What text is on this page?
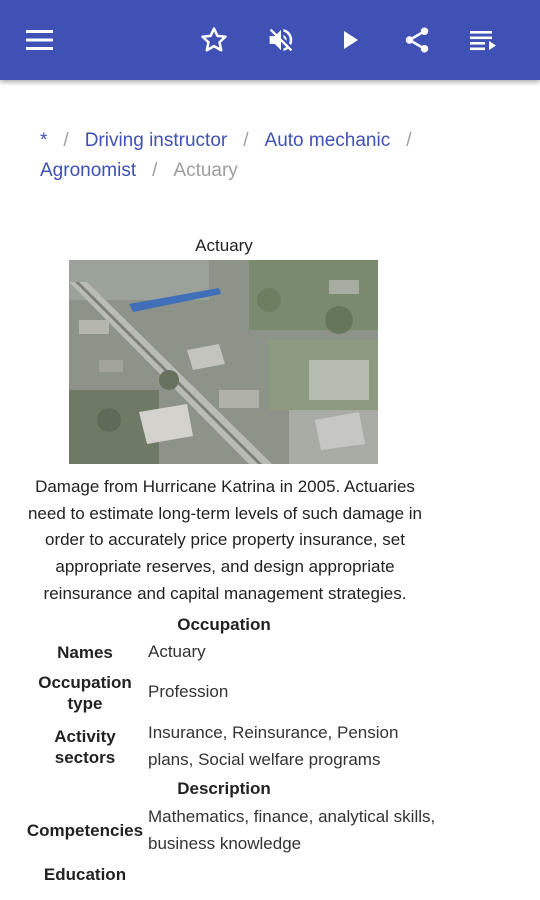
* / Driving instructor / Auto mechanic /
Agronomist / Actuary
Actuary
Damage from Hurricane Katrina in 2005. Actuaries need to estimate long-term levels of such damage in order to accurately price property insurance, set appropriate reserves, and design appropriate reinsurance and capital management strategies.
Occupation
Names	Actuary
Occupation type
Profession
Activity sectors
Insurance, Reinsurance, Pension plans, Social welfare programs
Description
Competencies
Mathematics, finance, analytical skills, business knowledge
Education
